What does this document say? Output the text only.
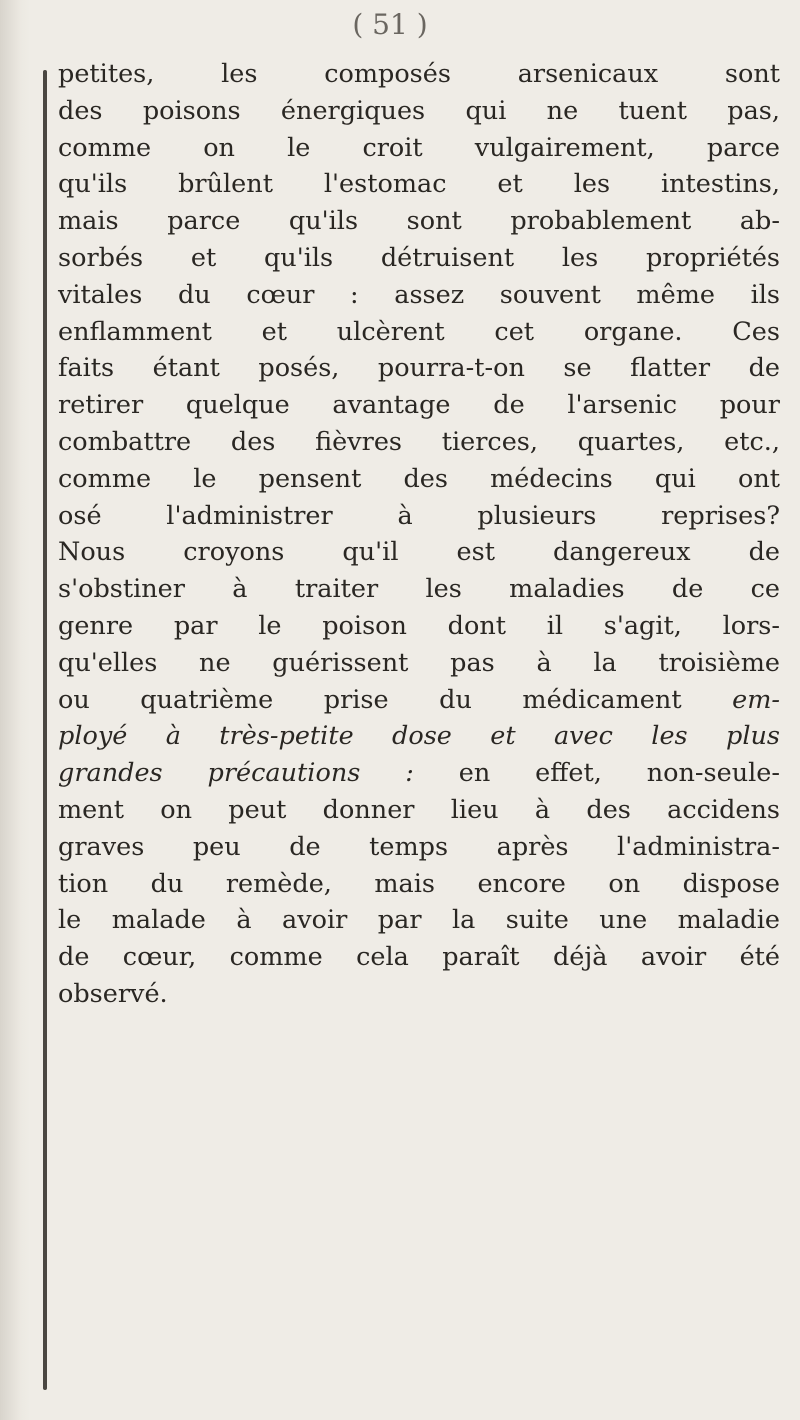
( 51 )
petites, les composés arsenicaux sont
des poisons énergiques qui ne tuent pas,
comme on le croit vulgairement, parce
qu'ils brûlent l'estomac et les intestins,
mais parce qu'ils sont probablement ab-
sorbés et qu'ils détruisent les propriétés
vitales du cœur : assez souvent même ils
enflamment et ulcèrent cet organe. Ces
faits étant posés, pourra-t-on se flatter de
retirer quelque avantage de l'arsenic pour
combattre des fièvres tierces, quartes, etc.,
comme le pensent des médecins qui ont
osé l'administrer à plusieurs reprises?
Nous croyons qu'il est dangereux de
s'obstiner à traiter les maladies de ce
genre par le poison dont il s'agit, lors-
qu'elles ne guérissent pas à la troisième
ou quatrième prise du médicament em-
ployé à très-petite dose et avec les plus
grandes précautions : en effet, non-seule-
ment on peut donner lieu à des accidens
graves peu de temps après l'administra-
tion du remède, mais encore on dispose
le malade à avoir par la suite une maladie
de cœur, comme cela paraît déjà avoir été
observé.
